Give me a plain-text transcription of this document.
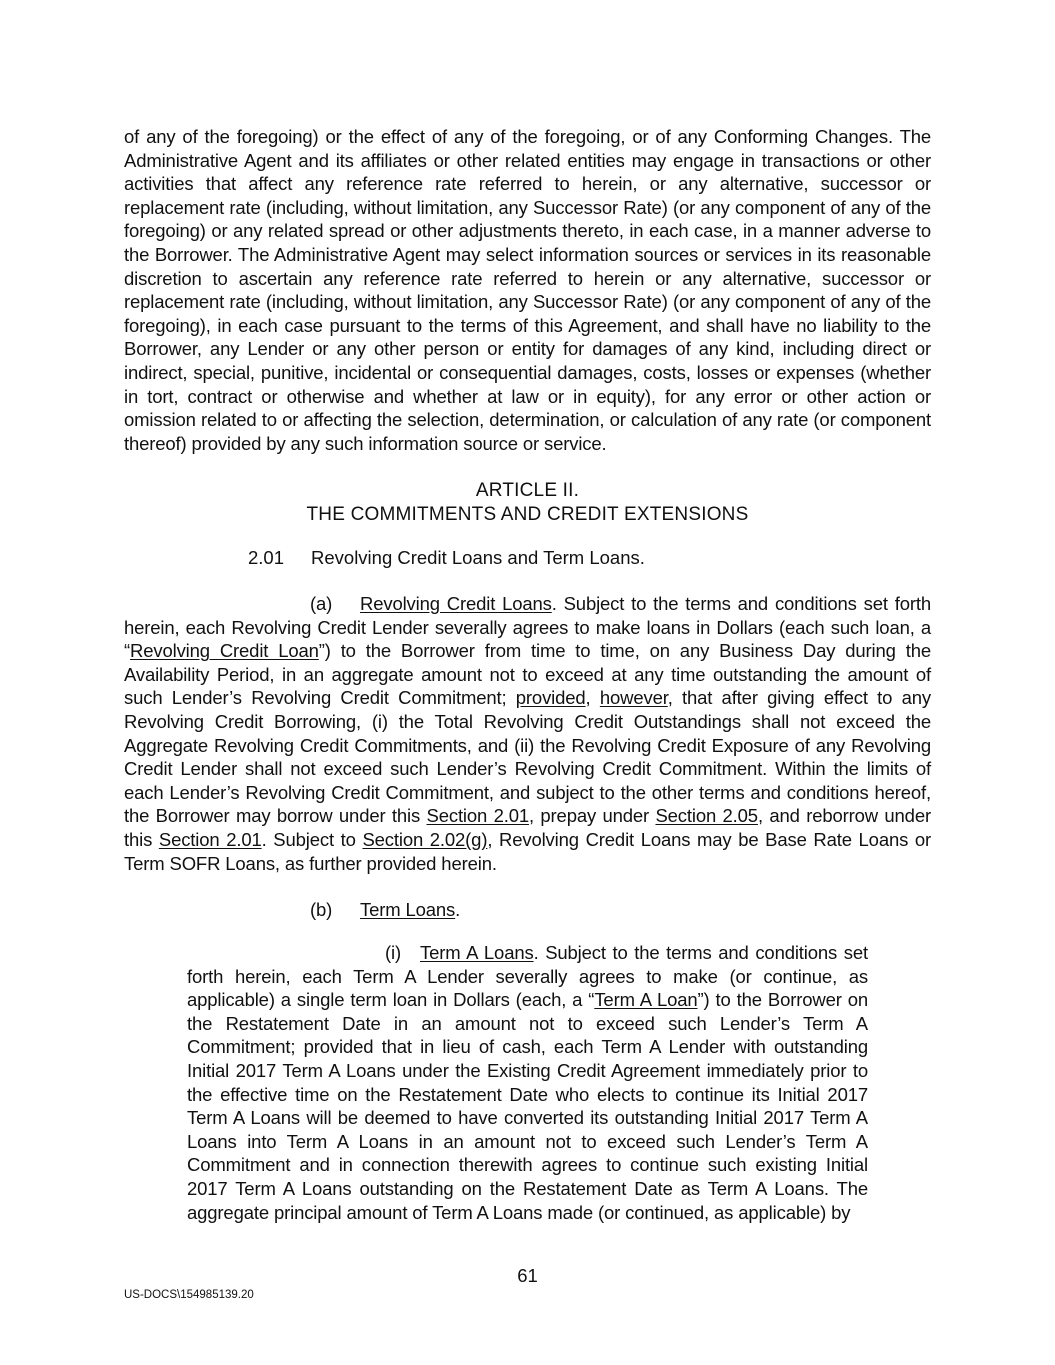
of any of the foregoing) or the effect of any of the foregoing, or of any Conforming Changes. The Administrative Agent and its affiliates or other related entities may engage in transactions or other activities that affect any reference rate referred to herein, or any alternative, successor or replacement rate (including, without limitation, any Successor Rate) (or any component of any of the foregoing) or any related spread or other adjustments thereto, in each case, in a manner adverse to the Borrower. The Administrative Agent may select information sources or services in its reasonable discretion to ascertain any reference rate referred to herein or any alternative, successor or replacement rate (including, without limitation, any Successor Rate) (or any component of any of the foregoing), in each case pursuant to the terms of this Agreement, and shall have no liability to the Borrower, any Lender or any other person or entity for damages of any kind, including direct or indirect, special, punitive, incidental or consequential damages, costs, losses or expenses (whether in tort, contract or otherwise and whether at law or in equity), for any error or other action or omission related to or affecting the selection, determination, or calculation of any rate (or component thereof) provided by any such information source or service.

ARTICLE II.

THE COMMITMENTS AND CREDIT EXTENSIONS

2.01 Revolving Credit Loans and Term Loans.

(a) Revolving Credit Loans. Subject to the terms and conditions set forth herein, each Revolving Credit Lender severally agrees to make loans in Dollars (each such loan, a “Revolving Credit Loan”) to the Borrower from time to time, on any Business Day during the Availability Period, in an aggregate amount not to exceed at any time outstanding the amount of such Lender’s Revolving Credit Commitment; provided, however, that after giving effect to any Revolving Credit Borrowing, (i) the Total Revolving Credit Outstandings shall not exceed the Aggregate Revolving Credit Commitments, and (ii) the Revolving Credit Exposure of any Revolving Credit Lender shall not exceed such Lender’s Revolving Credit Commitment. Within the limits of each Lender’s Revolving Credit Commitment, and subject to the other terms and conditions hereof, the Borrower may borrow under this Section 2.01, prepay under Section 2.05, and reborrow under this Section 2.01. Subject to Section 2.02(g), Revolving Credit Loans may be Base Rate Loans or Term SOFR Loans, as further provided herein.

(b) Term Loans.

(i) Term A Loans. Subject to the terms and conditions set forth herein, each Term A Lender severally agrees to make (or continue, as applicable) a single term loan in Dollars (each, a “Term A Loan”) to the Borrower on the Restatement Date in an amount not to exceed such Lender’s Term A Commitment; provided that in lieu of cash, each Term A Lender with outstanding Initial 2017 Term A Loans under the Existing Credit Agreement immediately prior to the effective time on the Restatement Date who elects to continue its Initial 2017 Term A Loans will be deemed to have converted its outstanding Initial 2017 Term A Loans into Term A Loans in an amount not to exceed such Lender’s Term A Commitment and in connection therewith agrees to continue such existing Initial 2017 Term A Loans outstanding on the Restatement Date as Term A Loans. The aggregate principal amount of Term A Loans made (or continued, as applicable) by

61

US-DOCS\154985139.20
